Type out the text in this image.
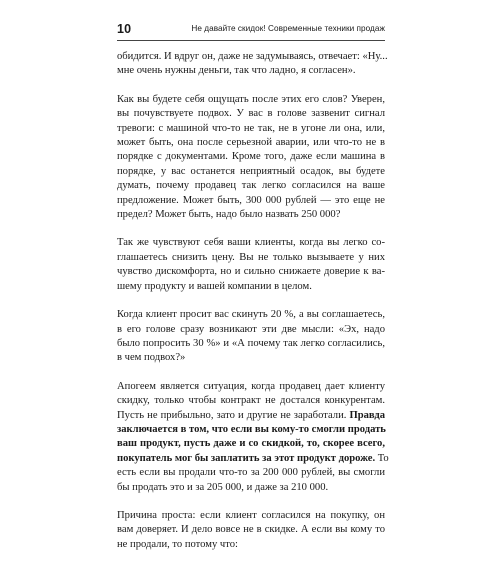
10	Не давайте скидок! Современные техники продаж
обидится. И вдруг он, даже не задумываясь, отвечает: «Ну...
мне очень нужны деньги, так что ладно, я согласен».
Как вы будете себя ощущать после этих его слов? Уверен,
вы почувствуете подвох. У вас в голове зазвенит сигнал
тревоги: с машиной что-то не так, не в угоне ли она, или,
может быть, она после серьезной аварии, или что-то не в
порядке с документами. Кроме того, даже если машина в
порядке, у вас останется неприятный осадок, вы будете
думать, почему продавец так легко согласился на ваше
предложение. Может быть, 300 000 рублей — это еще не
предел? Может быть, надо было назвать 250 000?
Так же чувствуют себя ваши клиенты, когда вы легко со-
глашаетесь снизить цену. Вы не только вызываете у них
чувство дискомфорта, но и сильно снижаете доверие к ва-
шему продукту и вашей компании в целом.
Когда клиент просит вас скинуть 20 %, а вы соглашаетесь,
в его голове сразу возникают эти две мысли: «Эх, надо
было попросить 30 %» и «А почему так легко согласились,
в чем подвох?»
Апогеем является ситуация, когда продавец дает клиенту
скидку, только чтобы контракт не достался конкурентам.
Пусть не прибыльно, зато и другие не заработали. Правда
заключается в том, что если вы кому-то смогли продать
ваш продукт, пусть даже и со скидкой, то, скорее всего,
покупатель мог бы заплатить за этот продукт дороже. То
есть если вы продали что-то за 200 000 рублей, вы смогли
бы продать это и за 205 000, и даже за 210 000.
Причина проста: если клиент согласился на покупку, он
вам доверяет. И дело вовсе не в скидке. А если вы кому то
не продали, то потому что:
